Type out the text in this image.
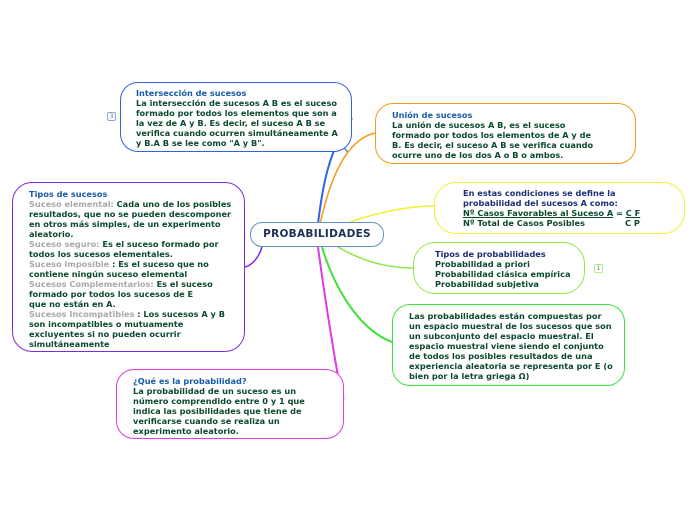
PROBABILIDADES
Intersección de sucesos
La intersección de sucesos A B es el suceso
formado por todos los elementos que son a
la vez de A y B. Es decir, el suceso A B se
verifica cuando ocurren simultáneamente A
y B.A B se lee como "A y B".
3	Unión de sucesos
La unión de sucesos A B, es el suceso
formado por todos los elementos de A y de
B. Es decir, el suceso A B se verifica cuando
ocurre uno de los dos A o B o ambos.
En estas condiciones se define la
probabilidad del sucesos A como:
Nº Casos Favorables al Suceso A = C F
Nº Total de Casos Posibles	C P
Tipos de probabilidades
Probabilidad a priori
Probabilidad clásica empírica
Probabilidad subjetiva
1
Las probabilidades están compuestas por
un espacio muestral de los sucesos que son
un subconjunto del espacio muestral. El
espacio muestral viene siendo el conjunto
de todos los posibles resultados de una
experiencia aleatoria se representa por E (o
bien por la letra griega Ω)
¿Qué es la probabilidad?
La probabilidad de un suceso es un
número comprendido entre 0 y 1 que
indica las posibilidades que tiene de
verificarse cuando se realiza un
experimento aleatorio.
Tipos de sucesos
Suceso elemental: Cada uno de los posibles
resultados, que no se pueden descomponer
en otros más simples, de un experimento
aleatorio.
Suceso seguro: Es el suceso formado por
todos los sucesos elementales.
Suceso imposible : Es el suceso que no
contiene ningún suceso elemental
Sucesos Complementarios: Es el suceso
formado por todos los sucesos de E
que no están en A.
Sucesos Incompatibles : Los sucesos A y B
son incompatibles o mutuamente
excluyentes si no pueden ocurrir
simultáneamente
